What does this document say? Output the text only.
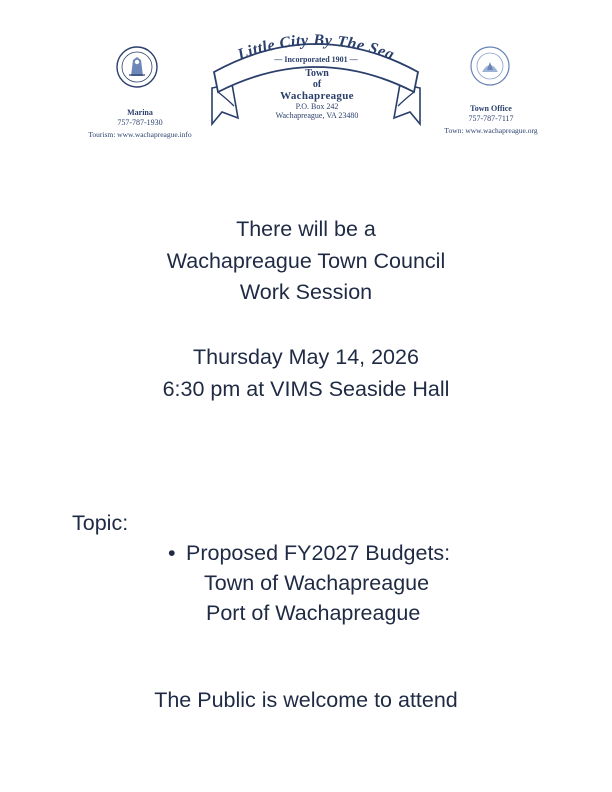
Marina
757-787-1930
Tourism: www.wachapreague.info
Town Office
757-787-7117
Town: www.wachapreague.org
Little City By The Sea
— Incorporated 1901 —
Town
of
Wachapreague
P.O. Box 242
Wachapreague, VA 23480
There will be a
Wachapreague Town Council
Work Session
Thursday May 14, 2026
6:30 pm at VIMS Seaside Hall
Topic:
• Proposed FY2027 Budgets:
Town of Wachapreague
Port of Wachapreague
The Public is welcome to attend
